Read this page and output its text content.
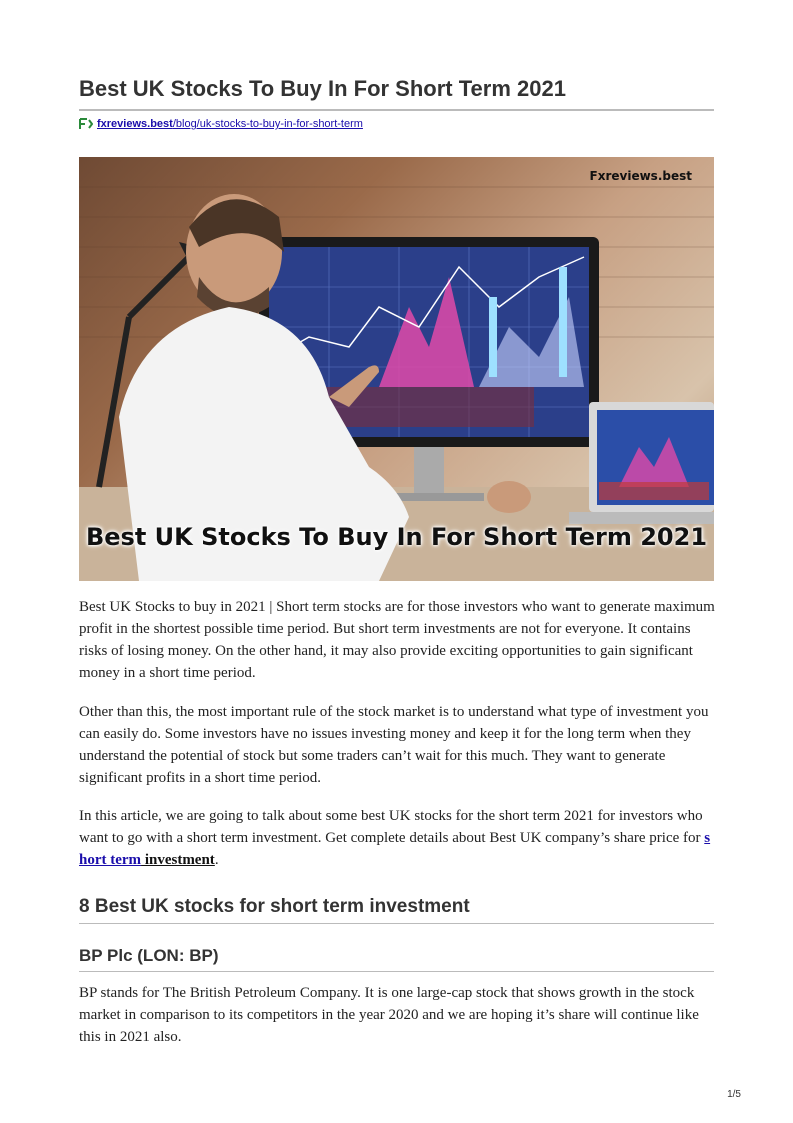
Best UK Stocks To Buy In For Short Term 2021
fxreviews.best/blog/uk-stocks-to-buy-in-for-short-term
Fxreviews.best
Best UK Stocks To Buy In For Short Term 2021

Best UK Stocks to buy in 2021 | Short term stocks are for those investors who want to generate maximum profit in the shortest possible time period. But short term investments are not for everyone. It contains risks of losing money. On the other hand, it may also provide exciting opportunities to gain significant money in a short time period.

Other than this, the most important rule of the stock market is to understand what type of investment you can easily do. Some investors have no issues investing money and keep it for the long term when they understand the potential of stock but some traders can’t wait for this much. They want to generate significant profits in a short time period.

In this article, we are going to talk about some best UK stocks for the short term 2021 for investors who want to go with a short term investment. Get complete details about Best UK company’s share price for s hort term investment.

8 Best UK stocks for short term investment
BP Plc (LON: BP)

BP stands for The British Petroleum Company. It is one large-cap stock that shows growth in the stock market in comparison to its competitors in the year 2020 and we are hoping it’s share will continue like this in 2021 also.

1/5
